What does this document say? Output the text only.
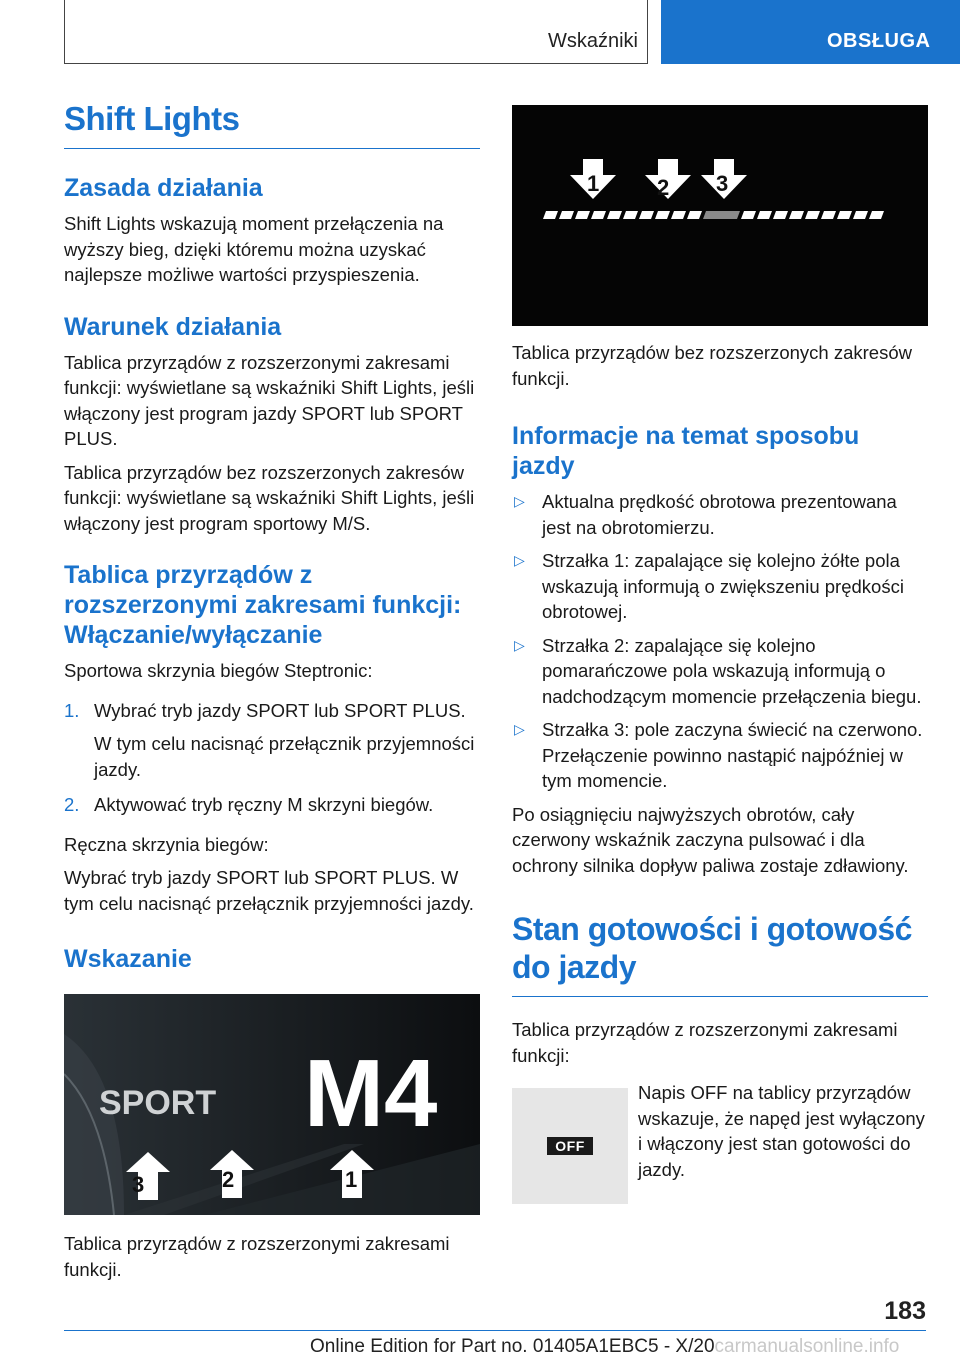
Wskaźniki	OBSŁUGA
Shift Lights
Zasada działania

Shift Lights wskazują moment przełączenia na wyższy bieg, dzięki któremu można uzyskać najlepsze możliwe wartości przyspieszenia.

Warunek działania

Tablica przyrządów z rozszerzonymi zakresami funkcji: wyświetlane są wskaźniki Shift Lights, jeśli włączony jest program jazdy SPORT lub SPORT PLUS.

Tablica przyrządów bez rozszerzonych zakresów funkcji: wyświetlane są wskaźniki Shift Lights, jeśli włączony jest program sportowy M/S.

Tablica przyrządów z rozszerzonymi zakresami funkcji: Włączanie/wyłączanie

Sportowa skrzynia biegów Steptronic:

1. Wybrać tryb jazdy SPORT lub SPORT PLUS.
W tym celu nacisnąć przełącznik przyjemności jazdy.
2. Aktywować tryb ręczny M skrzyni biegów.

Ręczna skrzynia biegów:

Wybrać tryb jazdy SPORT lub SPORT PLUS. W tym celu nacisnąć przełącznik przyjemności jazdy.

Wskazanie
SPORT M4
3	2	1

Tablica przyrządów z rozszerzonymi zakresami funkcji.

1	2 3

Tablica przyrządów bez rozszerzonych zakresów funkcji.

Informacje na temat sposobu jazdy
▷ Aktualna prędkość obrotowa prezentowana jest na obrotomierzu.
▷ Strzałka 1: zapalające się kolejno żółte pola wskazują informują o zwiększeniu prędkości obrotowej.
▷ Strzałka 2: zapalające się kolejno pomarańczowe pola wskazują informują o nadchodzącym momencie przełączenia biegu.
▷ Strzałka 3: pole zaczyna świecić na czerwono. Przełączenie powinno nastąpić najpóźniej w tym momencie.

Po osiągnięciu najwyższych obrotów, cały czerwony wskaźnik zaczyna pulsować i dla ochrony silnika dopływ paliwa zostaje zdławiony.

Stan gotowości i gotowość do jazdy

Tablica przyrządów z rozszerzonymi zakresami funkcji:

OFF

Napis OFF na tablicy przyrządów wskazuje, że napęd jest wyłączony i włączony jest stan gotowości do jazdy.

183
Online Edition for Part no. 01405A1EBC5 - X/20carmanualsonline.info
